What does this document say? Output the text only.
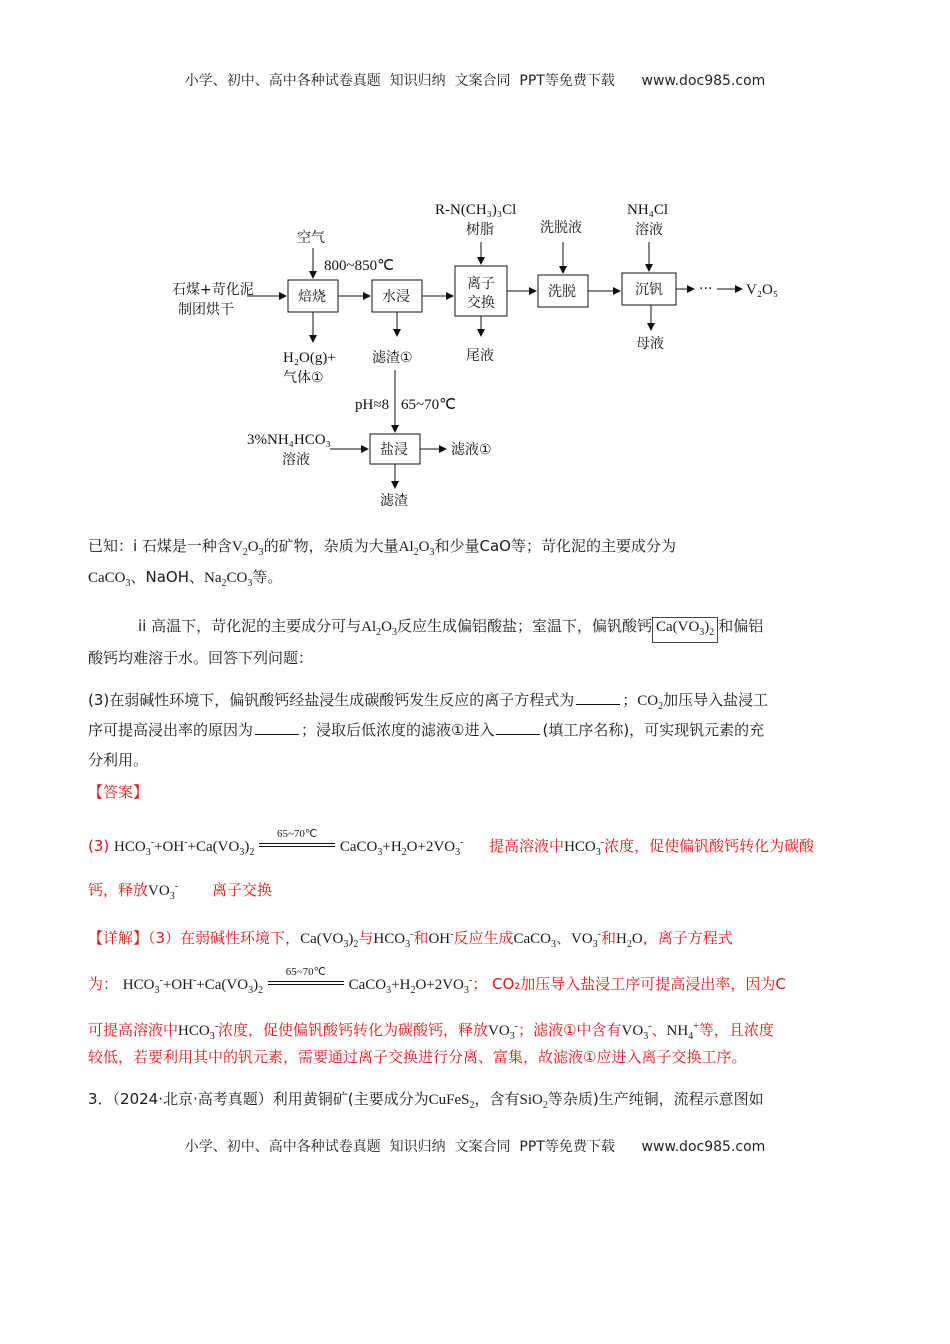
小学、初中、高中各种试卷真题  知识归纳  文案合同  PPT等免费下载      www.doc985.com
石煤+苛化泥
制团烘干
空气
800~850℃
焙烧	水浸
离子
交换
洗脱	沉钒
R-N(CH₃)₃Cl
树脂	洗脱液
NH₄Cl
溶液
··· V₂O₅
H₂O(g)+
气体①
滤渣①	尾液
母液
pH≈8 65~70℃
3%NH₄HCO₃
溶液
盐浸	滤液①
滤渣
已知：i 石煤是一种含$V_2O_3$的矿物，杂质为大量$Al_2O_3$和少量CaO等；苛化泥的主要成分为
CaCO$_3$、NaOH、$Na_2CO_3$等。
ii 高温下，苛化泥的主要成分可与$Al_2O_3$反应生成偏铝酸盐；室温下，偏钒酸钙 $Ca(VO_3)_2$ 和偏铝
酸钙均难溶于水。回答下列问题：
(3)在弱碱性环境下，偏钒酸钙经盐浸生成碳酸钙发生反应的离子方程式为	；$CO_2$加压导入盐浸工
序可提高浸出率的原因为	；浸取后低浓度的滤液①进入	(填工序名称)，可实现钒元素的充
分利用。
【答案】
(3) $HCO_3^-+OH^-+Ca(VO_3)_2$
65~70℃
$CaCO_3+H_2O+2VO_3^-$ 提高溶液中$HCO_3^-$浓度，促使偏钒酸钙转化为碳酸
钙，释放$VO_3^-$ 离子交换
【详解】（3）在弱碱性环境下，$Ca(VO_3)_2$与$HCO_3^-$和OH-反应生成CaCO$_3$、$VO_3^-$和$H_2O$，离子方程式
为： $HCO_3^-+OH^-+Ca(VO_3)_2$
65~70℃
$CaCO_3+H_2O+2VO_3^-$； CO₂加压导入盐浸工序可提高浸出率，因为C
可提高溶液中$HCO_3^-$浓度，促使偏钒酸钙转化为碳酸钙，释放$VO_3^-$；滤液①中含有$VO_3^-$、$NH_4^+$等，且浓度
较低，若要利用其中的钒元素，需要通过离子交换进行分离、富集，故滤液①应进入离子交换工序。
3．（2024·北京·高考真题）利用黄铜矿(主要成分为CuFeS$_2$，含有SiO$_2$等杂质)生产纯铜，流程示意图如
小学、初中、高中各种试卷真题  知识归纳  文案合同  PPT等免费下载      www.doc985.com
